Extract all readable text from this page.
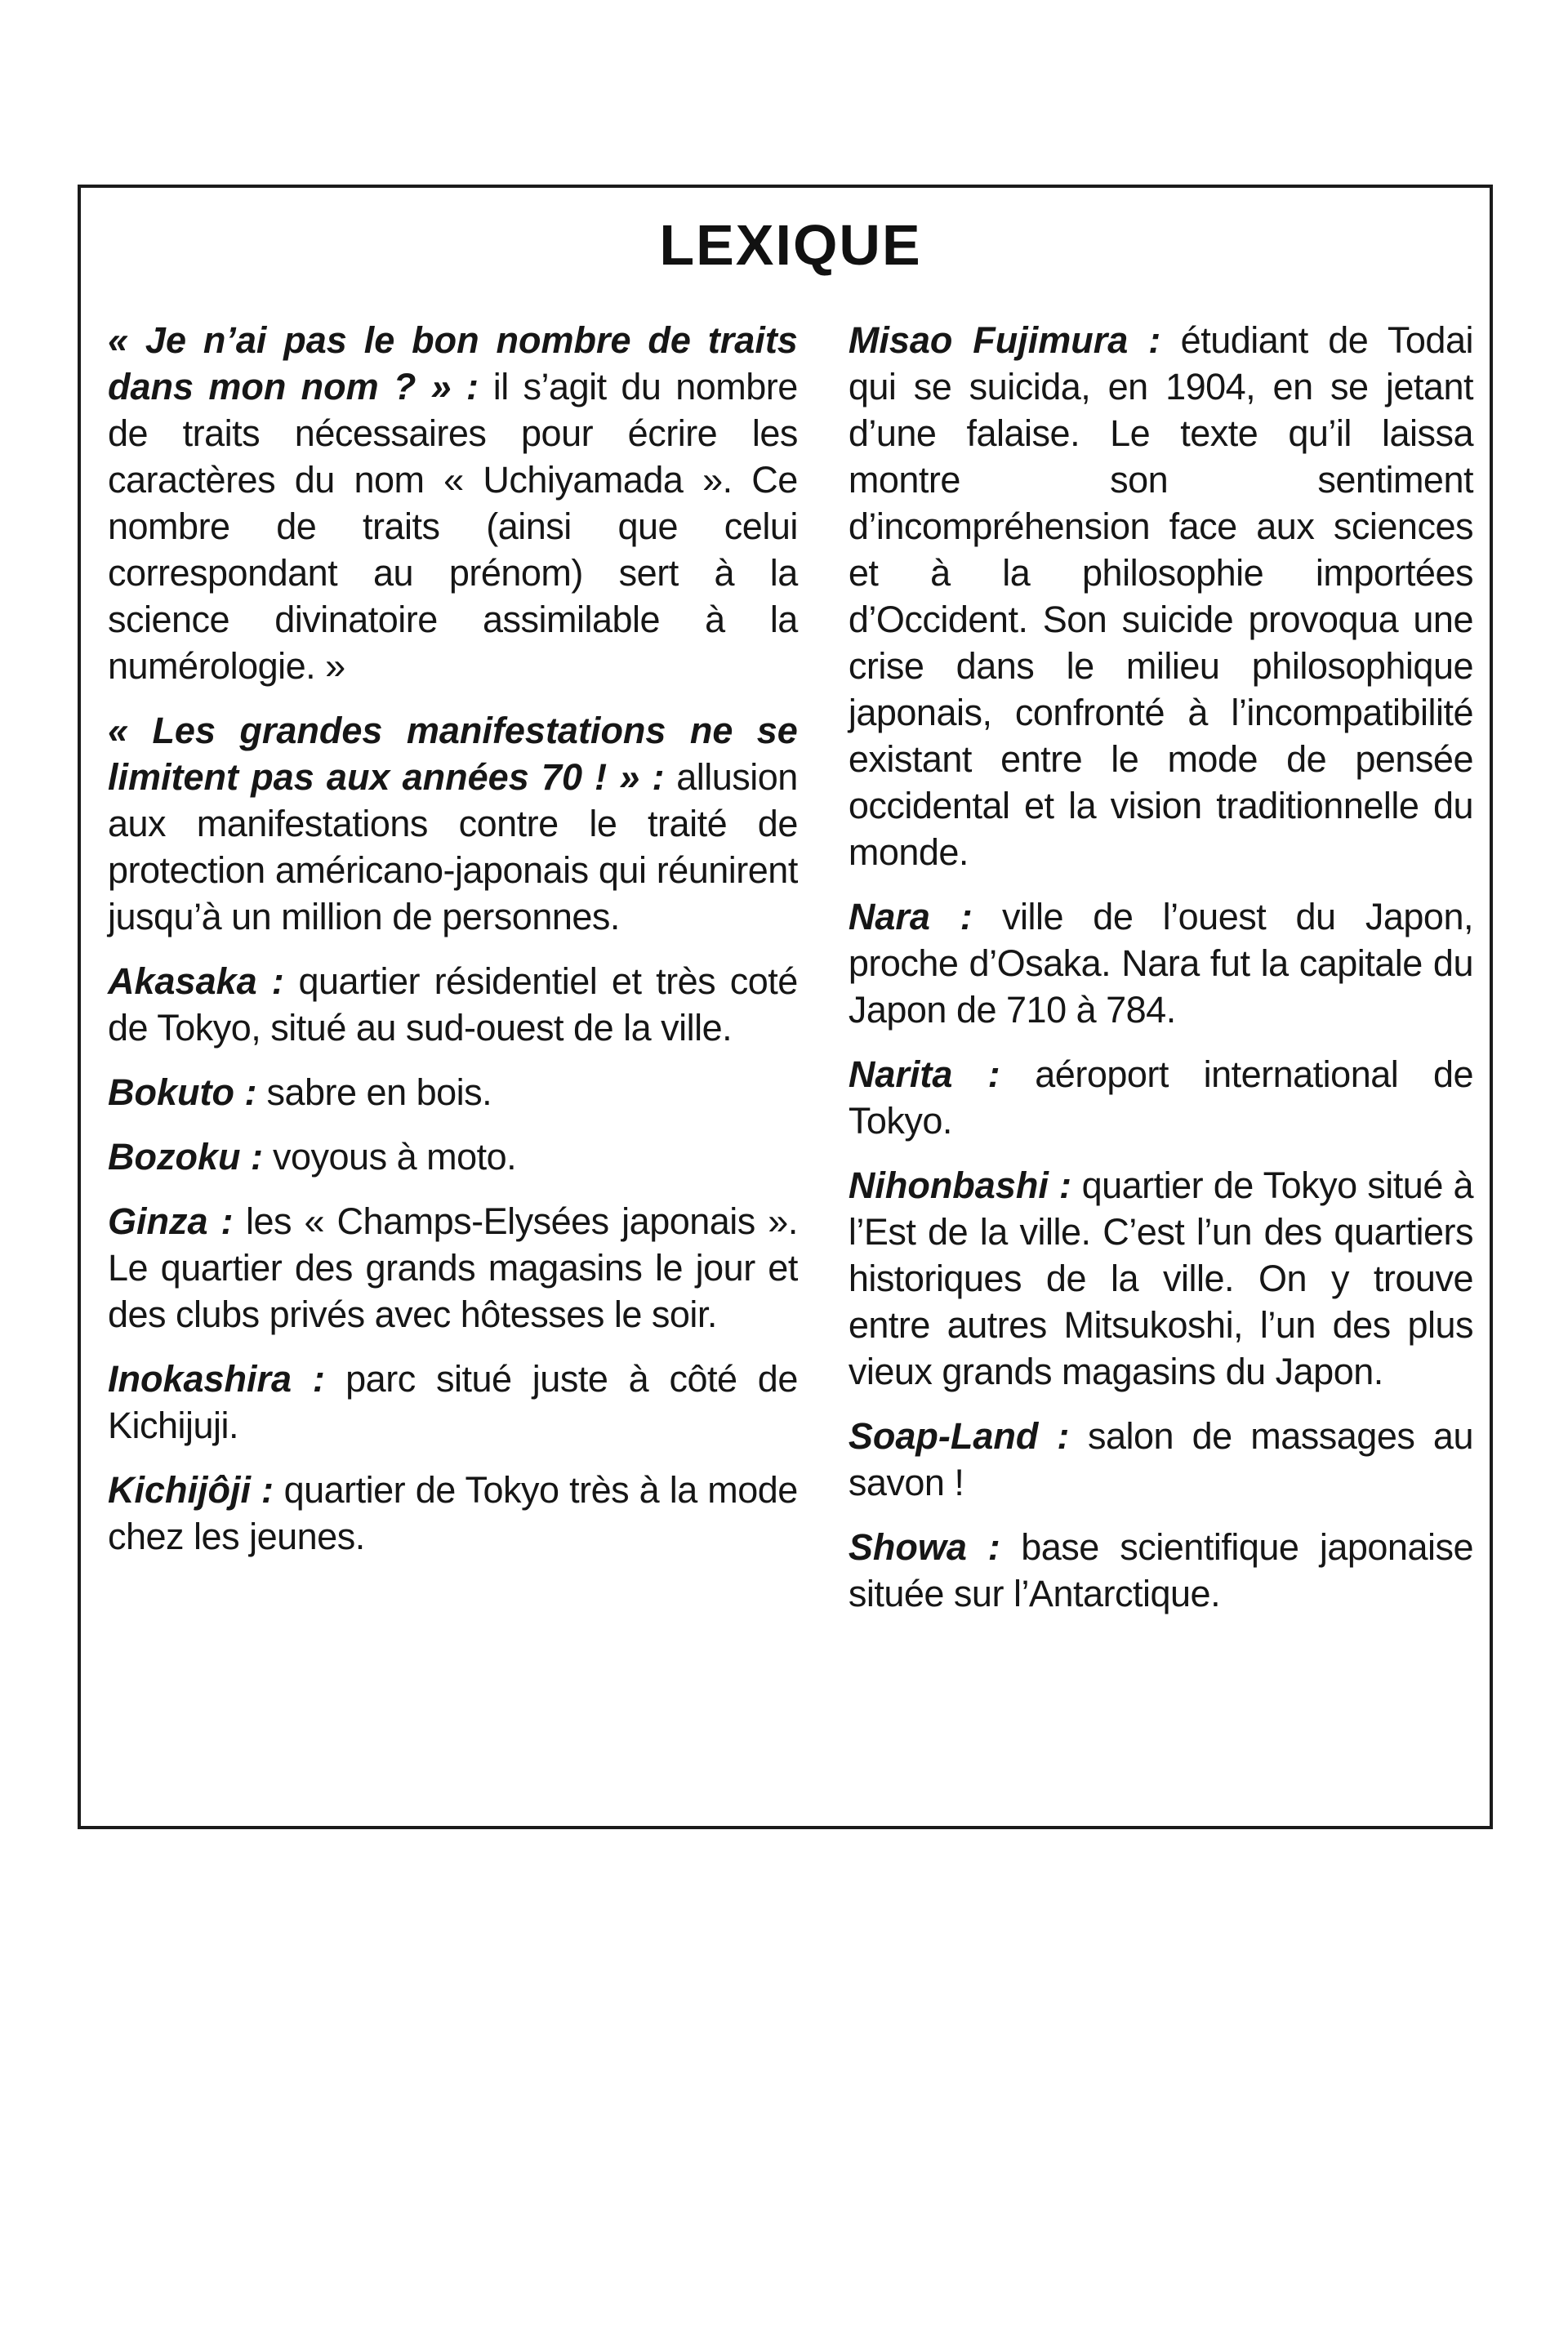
LEXIQUE

« Je n’ai pas le bon nombre de traits dans mon nom ? » : il s’agit du nombre de traits nécessaires pour écrire les caractères du nom « Uchiyamada ». Ce nombre de traits (ainsi que celui correspondant au prénom) sert à la science divinatoire assimilable à la numérologie. »

« Les grandes manifestations ne se limitent pas aux années 70 ! » : allusion aux manifestations contre le traité de protection américano-japonais qui réunirent jusqu’à un million de personnes.

Akasaka : quartier résidentiel et très coté de Tokyo, situé au sud-ouest de la ville.

Bokuto : sabre en bois.

Bozoku : voyous à moto.

Ginza : les « Champs-Elysées japonais ». Le quartier des grands magasins le jour et des clubs privés avec hôtesses le soir.

Inokashira : parc situé juste à côté de Kichijuji.

Kichijôji : quartier de Tokyo très à la mode chez les jeunes.

Misao Fujimura : étudiant de Todai qui se suicida, en 1904, en se jetant d’une falaise. Le texte qu’il laissa montre son sentiment d’incompréhension face aux sciences et à la philosophie importées d’Occident. Son suicide provoqua une crise dans le milieu philosophique japonais, confronté à l’incompatibilité existant entre le mode de pensée occidental et la vision traditionnelle du monde.

Nara : ville de l’ouest du Japon, proche d’Osaka. Nara fut la capitale du Japon de 710 à 784.

Narita : aéroport international de Tokyo.

Nihonbashi : quartier de Tokyo situé à l’Est de la ville. C’est l’un des quartiers historiques de la ville. On y trouve entre autres Mitsukoshi, l’un des plus vieux grands magasins du Japon.

Soap-Land : salon de massages au savon !

Showa : base scientifique japonaise située sur l’Antarctique.
